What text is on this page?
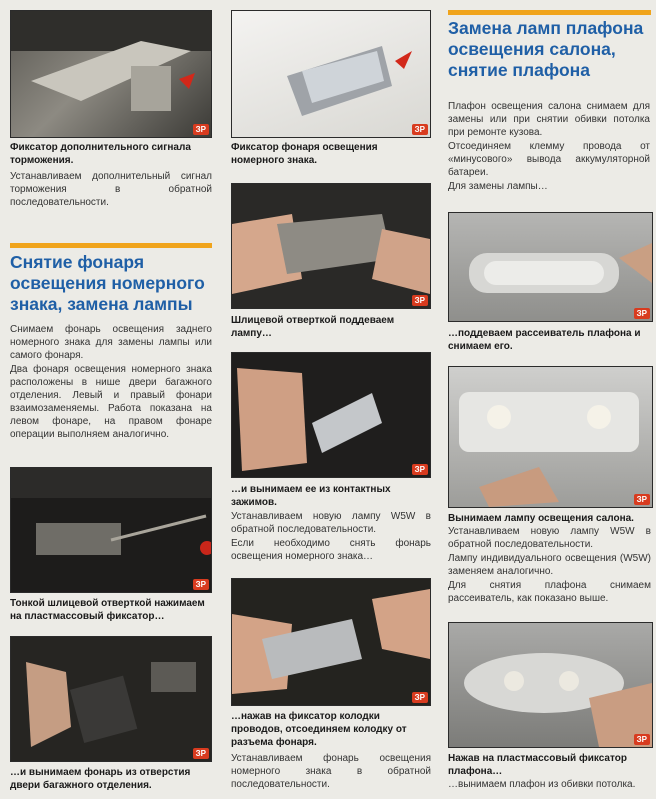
ЗР
Фиксатор дополнительного сигнала торможения.
Устанавливаем дополнительный сигнал торможения в обратной последовательности.
Снятие фонаря освещения номерного знака, замена лампы

Снимаем фонарь освещения заднего номерного знака для замены лампы или самого фонаря.

Два фонаря освещения номерного знака расположены в нише двери багажного отделения. Левый и правый фонари взаимозаменяемы. Работа показана на левом фонаре, на правом фонаре операции выполняем аналогично.

ЗР
Тонкой шлицевой отверткой нажимаем на пластмассовый фиксатор…
ЗР
…и вынимаем фонарь из отверстия двери багажного отделения.
ЗР
Фиксатор фонаря освещения номерного знака.
ЗР
Шлицевой отверткой поддеваем лампу…
ЗР
…и вынимаем ее из контактных зажимов.

Устанавливаем новую лампу W5W в обратной последовательности.

Если необходимо снять фонарь освещения номерного знака…

ЗР
…нажав на фиксатор колодки проводов, отсоединяем колодку от разъема фонаря.
Устанавливаем фонарь освещения номерного знака в обратной последовательности.
Замена ламп плафона освещения салона, снятие плафона

Плафон освещения салона снимаем для замены или при снятии обивки потолка при ремонте кузова.

Отсоединяем клемму провода от «минусового» вывода аккумуляторной батареи.

Для замены лампы…

ЗР
…поддеваем рассеиватель плафона и снимаем его.
ЗР
Вынимаем лампу освещения салона.

Устанавливаем новую лампу W5W в обратной последовательности.

Лампу индивидуального освещения (W5W) заменяем аналогично.

Для снятия плафона снимаем рассеиватель, как показано выше.

ЗР
Нажав на пластмассовый фиксатор плафона…
…вынимаем плафон из обивки потолка.
